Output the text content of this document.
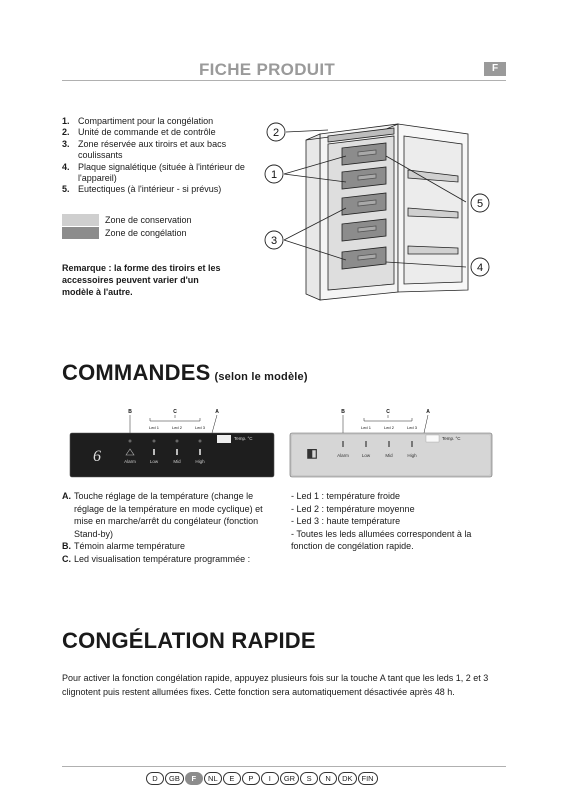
FICHE PRODUIT	F
1. Compartiment pour la congélation
2. Unité de commande et de contrôle
3. Zone réservée aux tiroirs et aux bacs coulissants
4. Plaque signalétique (située à l'intérieur de l'appareil)
5. Eutectiques (à l'intérieur - si prévus)
Zone de conservation
Zone de congélation
Remarque : la forme des tiroirs et les accessoires peuvent varier d'un modèle à l'autre.
2
1
5
3
4
COMMANDES (selon le modèle)
B	C	A
Led 1	Led 2	Led 3
6	Alarm	Low	Mid	High
Temp. °C
B	C	A
Led 1	Led 2	Led 3
◧	Alarm	Low	Mid	High
Temp. °C
A. Touche réglage de la température (change le réglage de la température en mode cyclique) et mise en marche/arrêt du congélateur (fonction Stand-by)
B. Témoin alarme température
C. Led visualisation température programmée :
- Led 1 : température froide
- Led 2 : température moyenne
- Led 3 : haute température
- Toutes les leds allumées correspondent à la fonction de congélation rapide.
CONGÉLATION RAPIDE

Pour activer la fonction congélation rapide, appuyez plusieurs fois sur la touche A tant que les leds 1, 2 et 3 clignotent puis restent allumées fixes. Cette fonction sera automatiquement désactivée après 48 h.

D	GB	F	NL	E	P	I	GR	S	N	DK	FIN
